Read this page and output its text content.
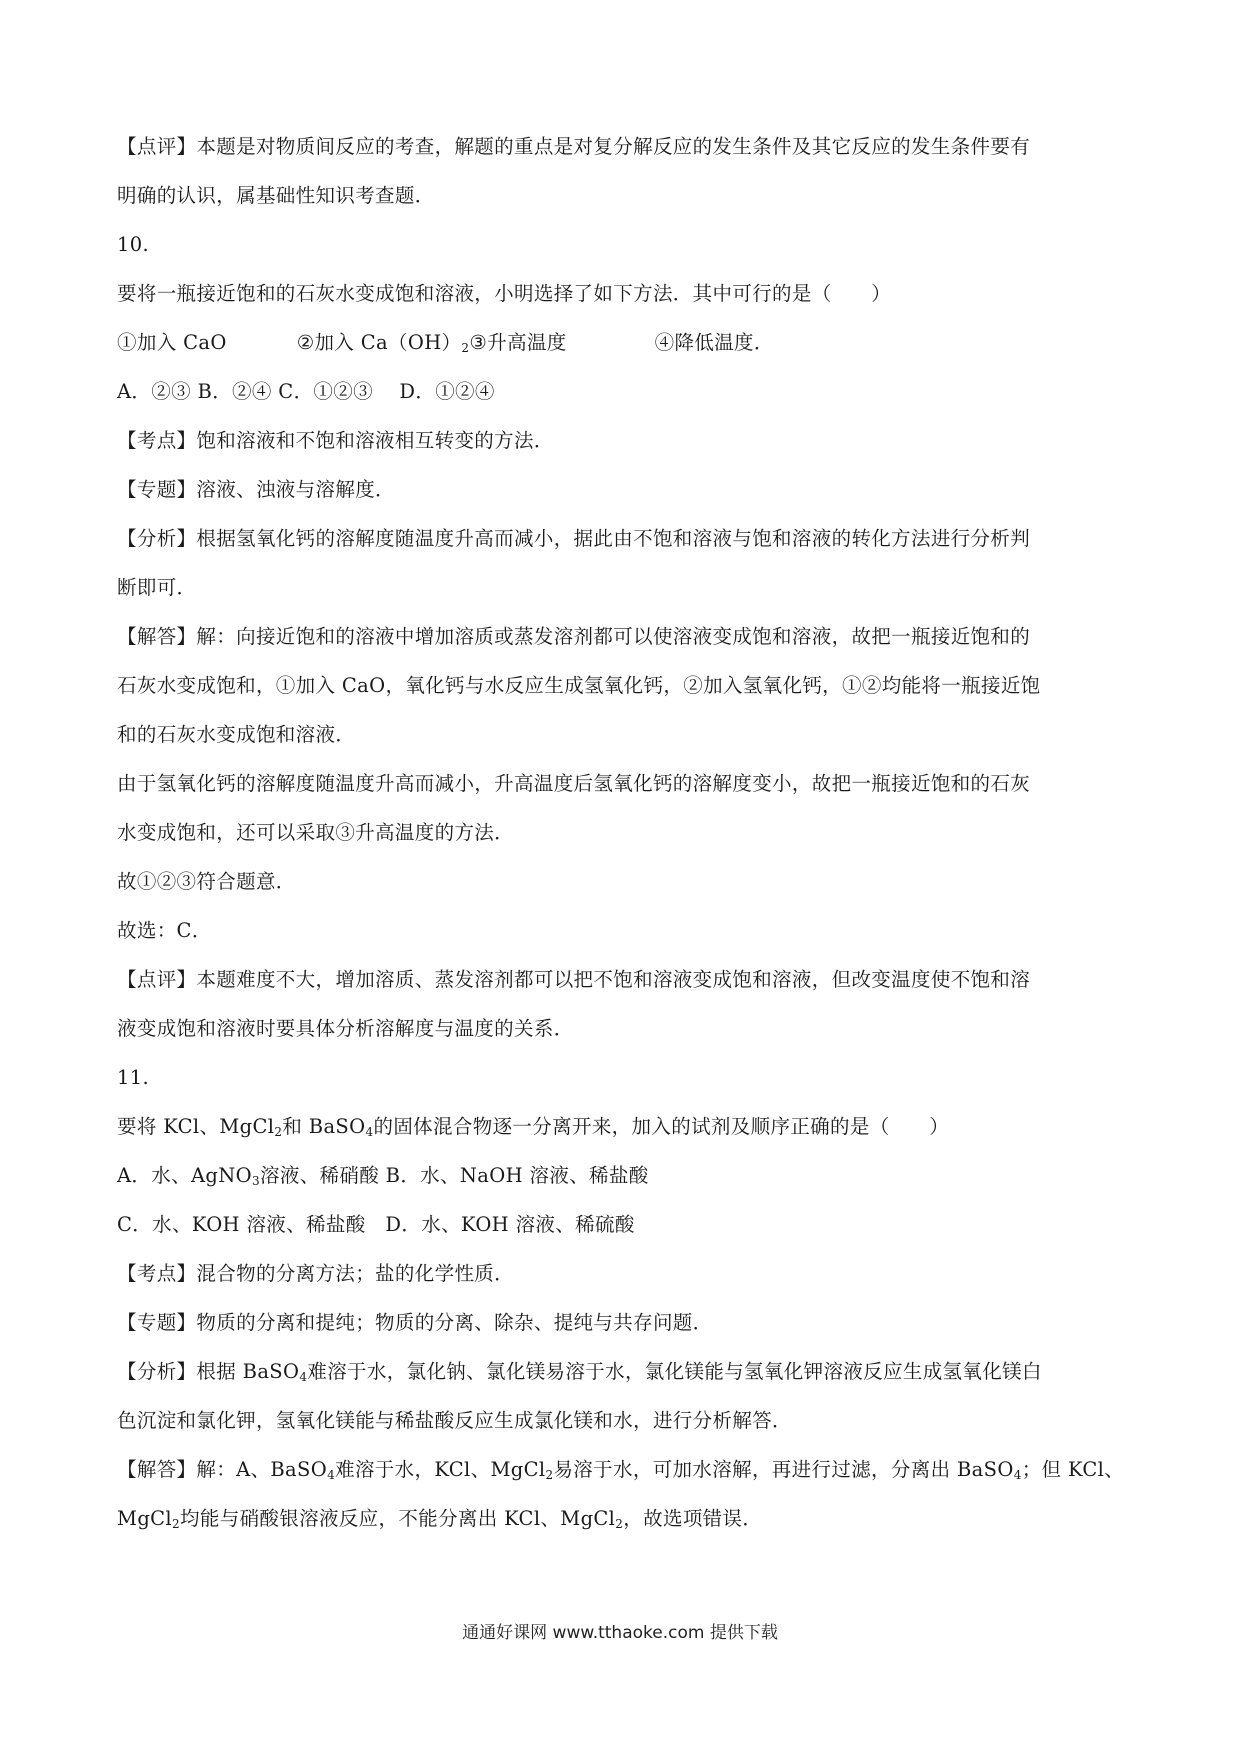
【点评】本题是对物质间反应的考查，解题的重点是对复分解反应的发生条件及其它反应的发生条件要有
明确的认识，属基础性知识考查题．
10.
要将一瓶接近饱和的石灰水变成饱和溶液，小明选择了如下方法．其中可行的是（　　）
①加入 CaO	②加入 $Ca(OH)_2③$升高温度	④降低温度．
A．②③ B．②④ C．①②③　 D．①②④
【考点】饱和溶液和不饱和溶液相互转变的方法．
【专题】溶液、浊液与溶解度．
【分析】根据氢氧化钙的溶解度随温度升高而减小，据此由不饱和溶液与饱和溶液的转化方法进行分析判
断即可．
【解答】解：向接近饱和的溶液中增加溶质或蒸发溶剂都可以使溶液变成饱和溶液，故把一瓶接近饱和的
石灰水变成饱和，①加入 CaO，氧化钙与水反应生成氢氧化钙，②加入氢氧化钙，①②均能将一瓶接近饱
和的石灰水变成饱和溶液．
由于氢氧化钙的溶解度随温度升高而减小，升高温度后氢氧化钙的溶解度变小，故把一瓶接近饱和的石灰
水变成饱和，还可以采取③升高温度的方法．
故①②③符合题意．
故选：C．
【点评】本题难度不大，增加溶质、蒸发溶剂都可以把不饱和溶液变成饱和溶液，但改变温度使不饱和溶
液变成饱和溶液时要具体分析溶解度与温度的关系．
11.
要将 KCl、MgCl$_2$和 BaSO$_4$的固体混合物逐一分离开来，加入的试剂及顺序正确的是（　　）
A．水、AgNO$_3$溶液、稀硝酸 B．水、NaOH 溶液、稀盐酸
C．水、KOH 溶液、稀盐酸　D．水、KOH 溶液、稀硫酸
【考点】混合物的分离方法；盐的化学性质．
【专题】物质的分离和提纯；物质的分离、除杂、提纯与共存问题．
【分析】根据 BaSO$_4$难溶于水，氯化钠、氯化镁易溶于水，氯化镁能与氢氧化钾溶液反应生成氢氧化镁白
色沉淀和氯化钾，氢氧化镁能与稀盐酸反应生成氯化镁和水，进行分析解答．
【解答】解：A、BaSO$_4$难溶于水，KCl、MgCl$_2$易溶于水，可加水溶解，再进行过滤，分离出 BaSO$_4$；但 KCl、
MgCl$_2$均能与硝酸银溶液反应，不能分离出 KCl、MgCl$_2$，故选项错误．
通通好课网 www.tthaoke.com 提供下载
